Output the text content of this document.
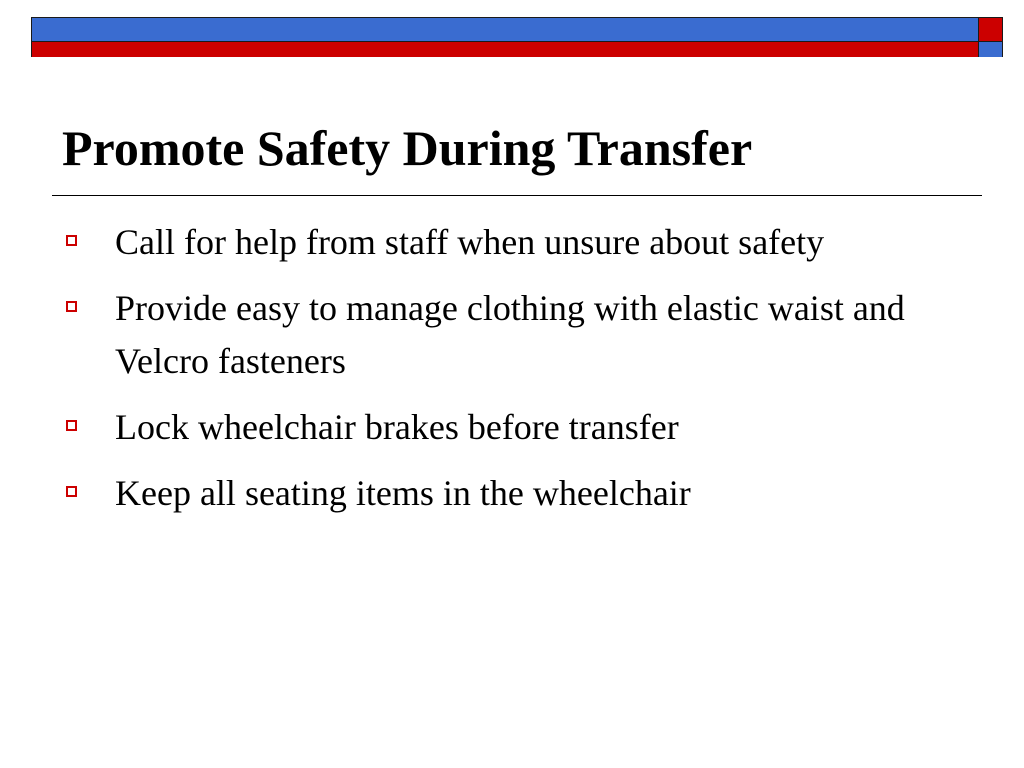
Promote Safety During Transfer
Call for help from staff when unsure about safety
Provide easy to manage clothing with elastic waist and Velcro fasteners
Lock wheelchair brakes before transfer
Keep all seating items in the wheelchair
